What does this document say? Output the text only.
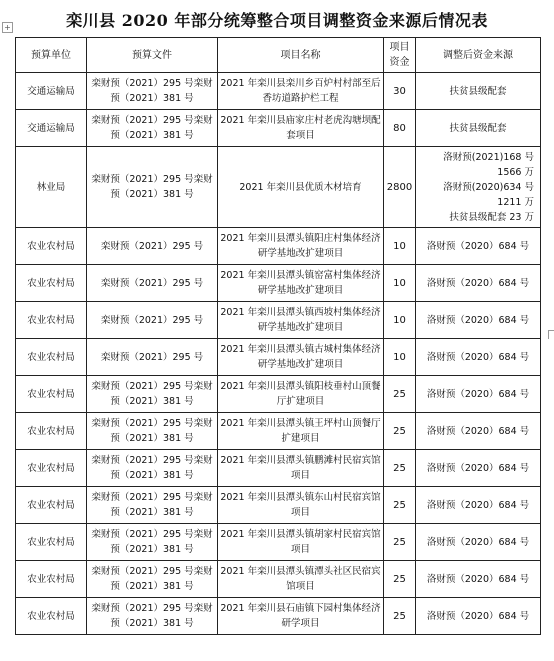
+	栾川县 2020 年部分统筹整合项目调整资金来源后情况表
预算单位	预算文件	项目名称	项目资金	调整后资金来源
交通运输局	栾财预（2021）295 号栾财预（2021）381 号	2021 年栾川县栾川乡百炉村村部至后香坊道路护栏工程	30	扶贫县级配套

交通运输局	栾财预（2021）295 号栾财预（2021）381 号	2021 年栾川县庙家庄村老虎沟塘坝配套项目	80	扶贫县级配套

林业局	栾财预（2021）295 号栾财预（2021）381 号	2021 年栾川县优质木材培育	2800	洛财预(2021)168 号 1566 万
洛财预(2020)634 号 1211 万
扶贫县级配套 23 万

农业农村局	栾财预（2021）295 号	2021 年栾川县潭头镇阳庄村集体经济研学基地改扩建项目	10	洛财预（2020）684 号

农业农村局	栾财预（2021）295 号	2021 年栾川县潭头镇窑富村集体经济研学基地改扩建项目	10	洛财预（2020）684 号

农业农村局	栾财预（2021）295 号	2021 年栾川县潭头镇西坡村集体经济研学基地改扩建项目	10	洛财预（2020）684 号

农业农村局	栾财预（2021）295 号	2021 年栾川县潭头镇古城村集体经济研学基地改扩建项目	10	洛财预（2020）684 号

农业农村局	栾财预（2021）295 号栾财预（2021）381 号	2021 年栾川县潭头镇阳枝垂村山顶餐厅扩建项目	25	洛财预（2020）684 号

农业农村局	栾财预（2021）295 号栾财预（2021）381 号	2021 年栾川县潭头镇王坪村山顶餐厅扩建项目	25	洛财预（2020）684 号

农业农村局	栾财预（2021）295 号栾财预（2021）381 号	2021 年栾川县潭头镇鹏滩村民宿宾馆项目	25	洛财预（2020）684 号

农业农村局	栾财预（2021）295 号栾财预（2021）381 号	2021 年栾川县潭头镇东山村民宿宾馆项目	25	洛财预（2020）684 号

农业农村局	栾财预（2021）295 号栾财预（2021）381 号	2021 年栾川县潭头镇胡家村民宿宾馆项目	25	洛财预（2020）684 号

农业农村局	栾财预（2021）295 号栾财预（2021）381 号	2021 年栾川县潭头镇潭头社区民宿宾馆项目	25	洛财预（2020）684 号

农业农村局	栾财预（2021）295 号栾财预（2021）381 号	2021 年栾川县石庙镇下园村集体经济研学项目	25	洛财预（2020）684 号
